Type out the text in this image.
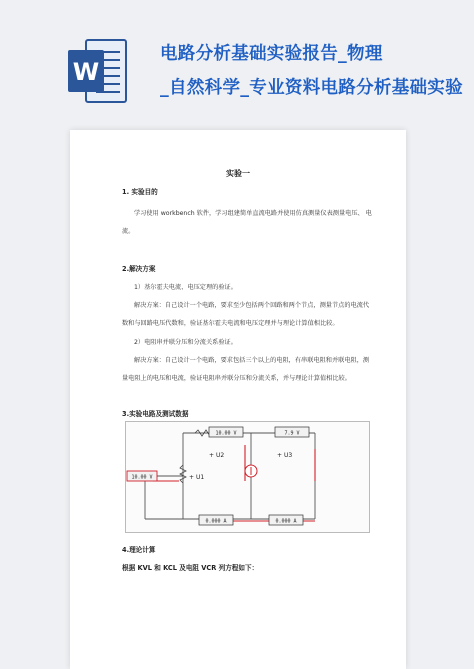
W
电路分析基础实验报告_物理
_自然科学_专业资料电路分析基础实验
实验一
1. 实验目的
学习使用 workbench 软件，学习组建简单直流电路并使用仿真测量仪表测量电压、 电
流。
2.解决方案
1）基尔霍夫电流、电压定理的验证。
解决方案：自己设计一个电路，要求至少包括两个回路和两个节点，测量节点的电流代
数和与回路电压代数和，验证基尔霍夫电流和电压定理并与理论计算值相比较。
2）电阻串并联分压和分流关系验证。
解决方案：自己设计一个电路，要求包括三个以上的电阻，有串联电阻和并联电阻，测
量电阻上的电压和电流，验证电阻串并联分压和分流关系，并与理论计算值相比较。
3.实验电路及测试数据
10.00 V	7.9 V
10.00 V
0.000 A	0.000 A
+ U2	+ U3
+ U1
4.理论计算
根据 KVL 和 KCL 及电阻 VCR 列方程如下：
